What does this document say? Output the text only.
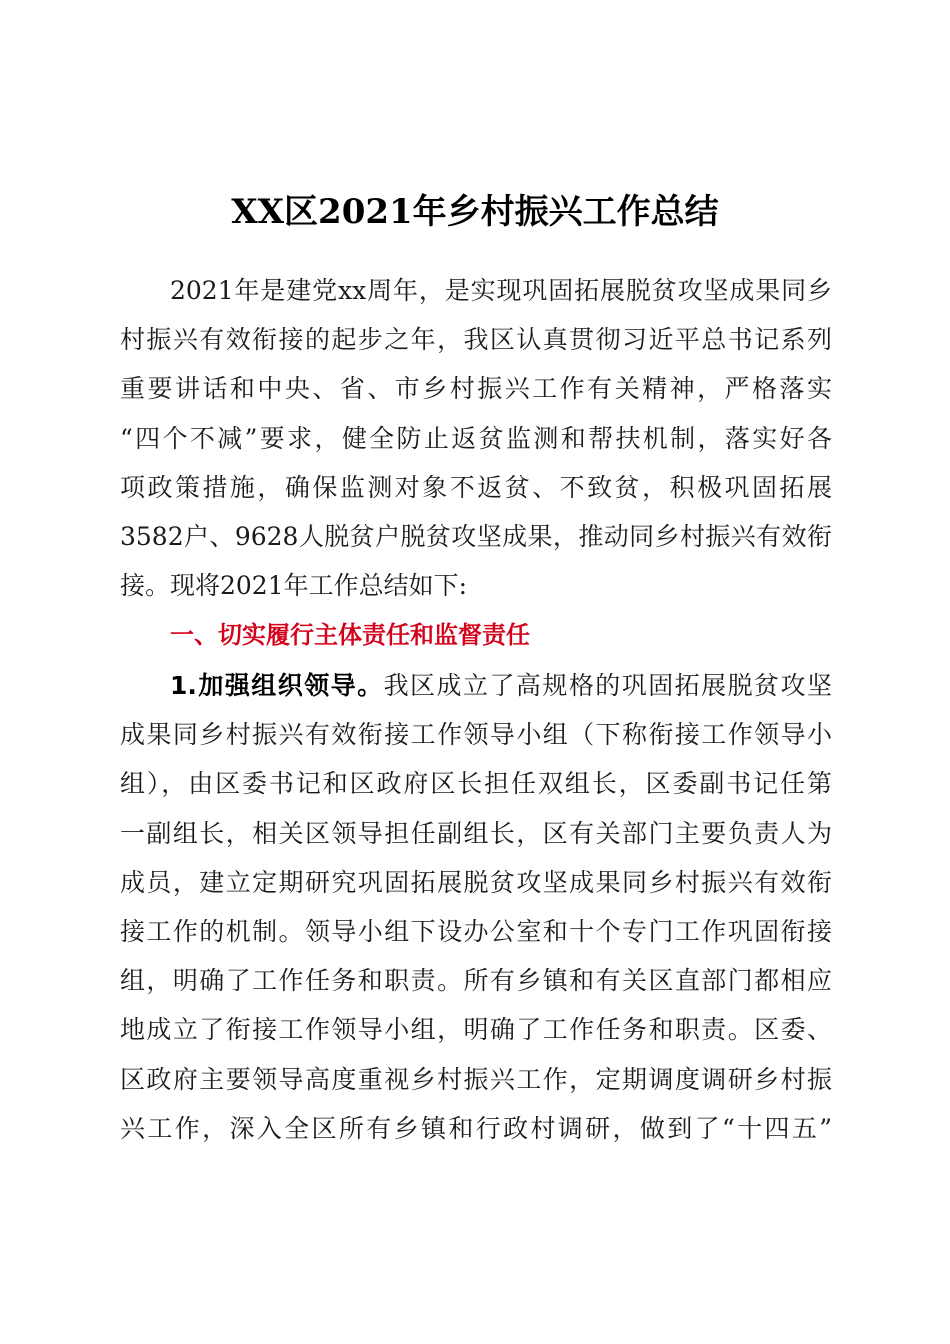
XX区2021年乡村振兴工作总结
2021年是建党xx周年，是实现巩固拓展脱贫攻坚成果同乡
村振兴有效衔接的起步之年，我区认真贯彻习近平总书记系列
重要讲话和中央、省、市乡村振兴工作有关精神，严格落实
“四个不减”要求，健全防止返贫监测和帮扶机制，落实好各
项政策措施，确保监测对象不返贫、不致贫，积极巩固拓展
3582户、9628人脱贫户脱贫攻坚成果，推动同乡村振兴有效衔
接。现将2021年工作总结如下:
一、切实履行主体责任和监督责任
1.加强组织领导。我区成立了高规格的巩固拓展脱贫攻坚
成果同乡村振兴有效衔接工作领导小组（下称衔接工作领导小
组），由区委书记和区政府区长担任双组长，区委副书记任第
一副组长，相关区领导担任副组长，区有关部门主要负责人为
成员，建立定期研究巩固拓展脱贫攻坚成果同乡村振兴有效衔
接工作的机制。领导小组下设办公室和十个专门工作巩固衔接
组，明确了工作任务和职责。所有乡镇和有关区直部门都相应
地成立了衔接工作领导小组，明确了工作任务和职责。区委、
区政府主要领导高度重视乡村振兴工作，定期调度调研乡村振
兴工作，深入全区所有乡镇和行政村调研，做到了“十四五”
